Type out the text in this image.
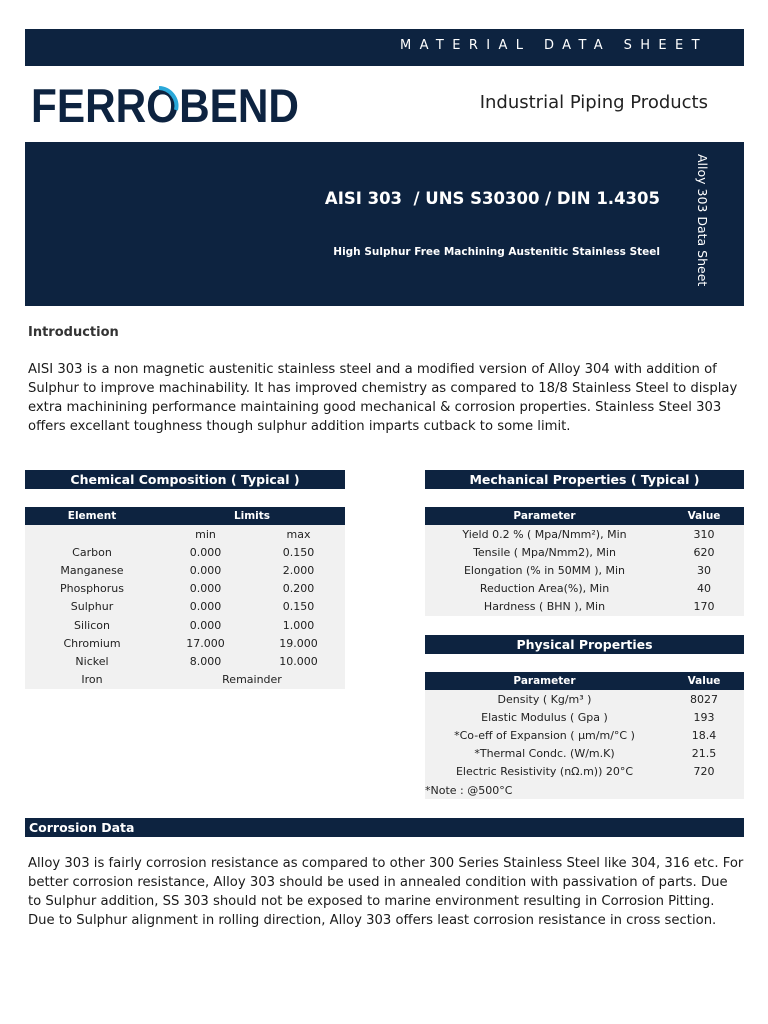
MATERIAL DATA SHEET
FERROBEND	Industrial Piping Products
AISI 303  / UNS S30300 / DIN 1.4305
High Sulphur Free Machining Austenitic Stainless Steel	Alloy 303 Data Sheet
Introduction

AISI 303 is a non magnetic austenitic stainless steel and a modified version of Alloy 304 with addition of Sulphur to improve machinability. It has improved chemistry as compared to 18/8 Stainless Steel to display extra machinining performance maintaining good mechanical & corrosion properties. Stainless Steel 303 offers excellant toughness though sulphur addition imparts cutback to some limit.

Chemical Composition ( Typical )
Element	Limits	
	min	max
Carbon	0.000	0.150
Manganese	0.000	2.000
Phosphorus	0.000	0.200
Sulphur	0.000	0.150
Silicon	0.000	1.000
Chromium	17.000	19.000
Nickel	8.000	10.000
Iron	Remainder	
Mechanical Properties ( Typical )
Parameter	Value
Yield 0.2 % ( Mpa/Nmm²), Min	310
Tensile ( Mpa/Nmm2), Min	620
Elongation (% in 50MM ), Min	30
Reduction Area(%), Min	40
Hardness ( BHN ), Min	170
Physical Properties
Parameter	Value
Density ( Kg/m³ )	8027
Elastic Modulus ( Gpa )	193
*Co-eff of Expansion ( μm/m/°C )	18.4
*Thermal Condc. (W/m.K)	21.5
Electric Resistivity (nΩ.m)) 20°C	720
*Note : @500°C	
Corrosion Data

Alloy 303 is fairly corrosion resistance as compared to other 300 Series Stainless Steel like 304, 316 etc. For better corrosion resistance, Alloy 303 should be used in annealed condition with passivation of parts. Due to Sulphur addition, SS 303 should not be exposed to marine environment resulting in Corrosion Pitting. Due to Sulphur alignment in rolling direction, Alloy 303 offers least corrosion resistance in cross section.
